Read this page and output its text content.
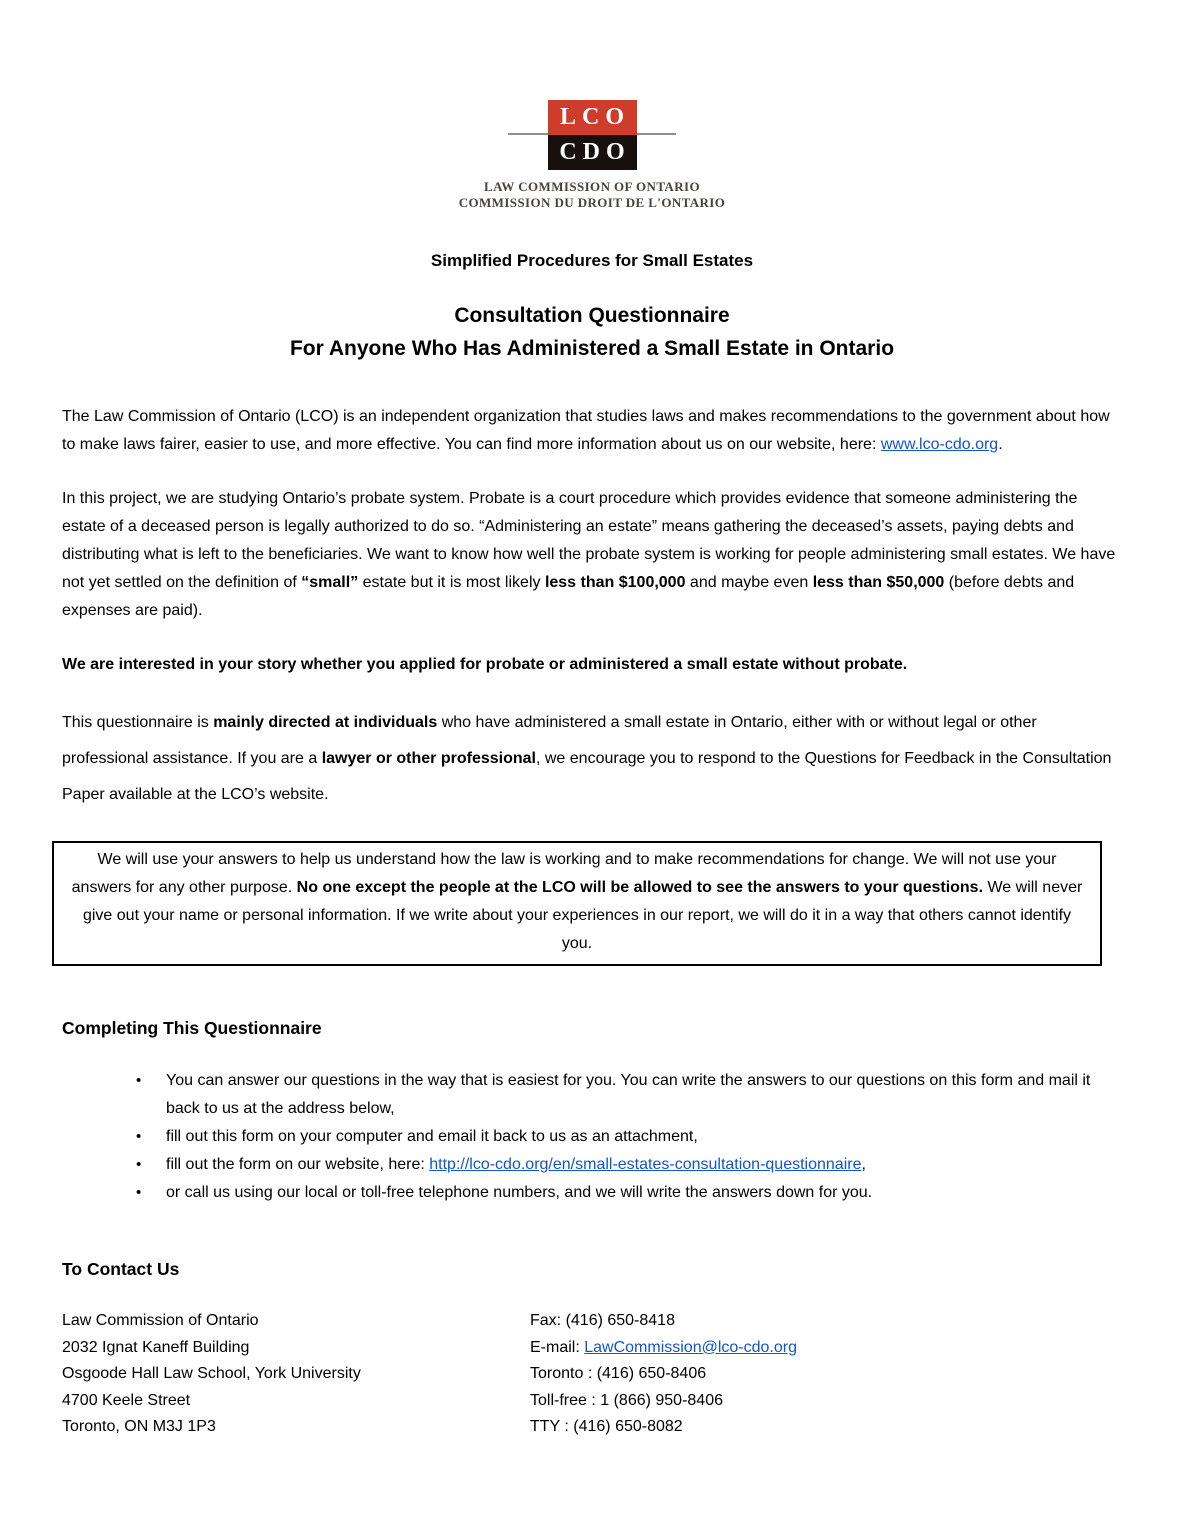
LCO
CDO
LAW COMMISSION OF ONTARIO
COMMISSION DU DROIT DE L'ONTARIO
Simplified Procedures for Small Estates
Consultation Questionnaire
For Anyone Who Has Administered a Small Estate in Ontario

The Law Commission of Ontario (LCO) is an independent organization that studies laws and makes recommendations to the government about how to make laws fairer, easier to use, and more effective. You can find more information about us on our website, here: www.lco-cdo.org.

In this project, we are studying Ontario’s probate system. Probate is a court procedure which provides evidence that someone administering the estate of a deceased person is legally authorized to do so. “Administering an estate” means gathering the deceased’s assets, paying debts and distributing what is left to the beneficiaries. We want to know how well the probate system is working for people administering small estates. We have not yet settled on the definition of “small” estate but it is most likely less than $100,000 and maybe even less than $50,000 (before debts and expenses are paid).

We are interested in your story whether you applied for probate or administered a small estate without probate.

This questionnaire is mainly directed at individuals who have administered a small estate in Ontario, either with or without legal or other professional assistance. If you are a lawyer or other professional, we encourage you to respond to the Questions for Feedback in the Consultation Paper available at the LCO’s website.

We will use your answers to help us understand how the law is working and to make recommendations for change. We will not use your answers for any other purpose. No one except the people at the LCO will be allowed to see the answers to your questions. We will never give out your name or personal information. If we write about your experiences in our report, we will do it in a way that others cannot identify you.
Completing This Questionnaire
•	You can answer our questions in the way that is easiest for you. You can write the answers to our questions on this form and mail it back to us at the address below,
•	fill out this form on your computer and email it back to us as an attachment,
•	fill out the form on our website, here: http://lco-cdo.org/en/small-estates-consultation-questionnaire,
•	or call us using our local or toll-free telephone numbers, and we will write the answers down for you.
To Contact Us
Law Commission of Ontario
2032 Ignat Kaneff Building
Osgoode Hall Law School, York University
4700 Keele Street
Toronto, ON M3J 1P3
Fax: (416) 650-8418
E-mail: LawCommission@lco-cdo.org
Toronto : (416) 650-8406
Toll-free : 1 (866) 950-8406
TTY : (416) 650-8082
